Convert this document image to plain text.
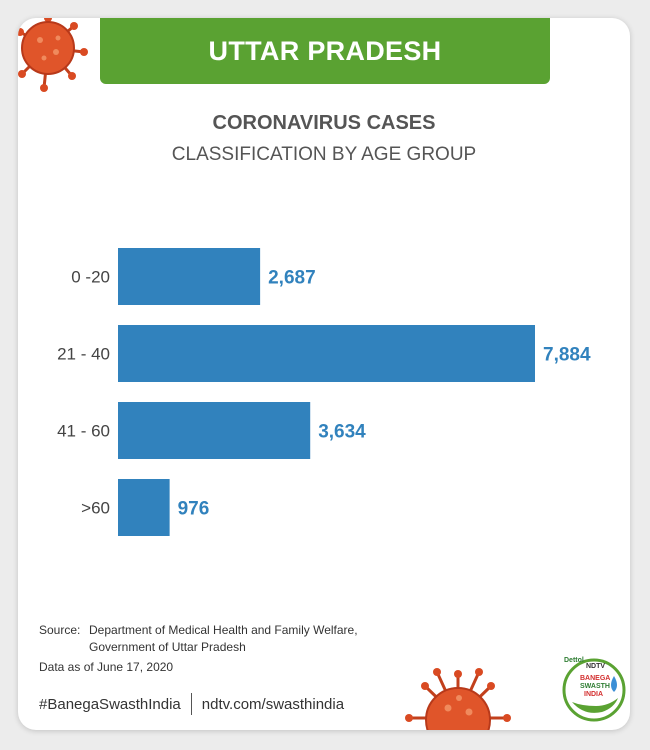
UTTAR PRADESH
CORONAVIRUS CASES
CLASSIFICATION BY AGE GROUP
0 -20	2,687
21 - 40	7,884
41 - 60	3,634
>60	976
Source: Department of Medical Health and Family Welfare,
Government of Uttar Pradesh
Data as of June 17, 2020
#BanegaSwasthIndia ndtv.com/swasthindia
Dettol
NDTV
BANEGA
SWASTH
INDIA
